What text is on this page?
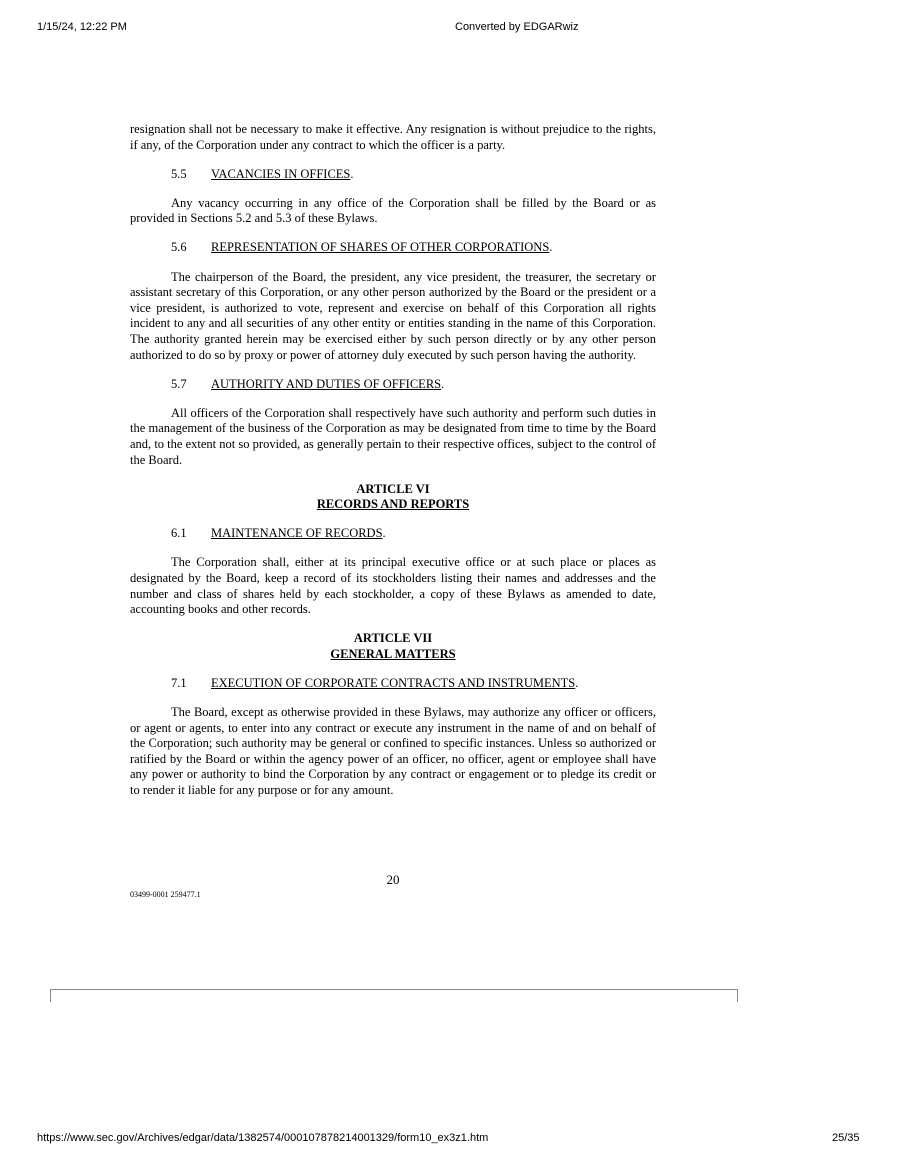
1/15/24, 12:22 PM	Converted by EDGARwiz

resignation shall not be necessary to make it effective. Any resignation is without prejudice to the rights, if any, of the Corporation under any contract to which the officer is a party.

5.5 VACANCIES IN OFFICES.

Any vacancy occurring in any office of the Corporation shall be filled by the Board or as provided in Sections 5.2 and 5.3 of these Bylaws.

5.6 REPRESENTATION OF SHARES OF OTHER CORPORATIONS.

The chairperson of the Board, the president, any vice president, the treasurer, the secretary or assistant secretary of this Corporation, or any other person authorized by the Board or the president or a vice president, is authorized to vote, represent and exercise on behalf of this Corporation all rights incident to any and all securities of any other entity or entities standing in the name of this Corporation. The authority granted herein may be exercised either by such person directly or by any other person authorized to do so by proxy or power of attorney duly executed by such person having the authority.

5.7 AUTHORITY AND DUTIES OF OFFICERS.

All officers of the Corporation shall respectively have such authority and perform such duties in the management of the business of the Corporation as may be designated from time to time by the Board and, to the extent not so provided, as generally pertain to their respective offices, subject to the control of the Board.

ARTICLE VI
RECORDS AND REPORTS

6.1 MAINTENANCE OF RECORDS.

The Corporation shall, either at its principal executive office or at such place or places as designated by the Board, keep a record of its stockholders listing their names and addresses and the number and class of shares held by each stockholder, a copy of these Bylaws as amended to date, accounting books and other records.

ARTICLE VII
GENERAL MATTERS

7.1 EXECUTION OF CORPORATE CONTRACTS AND INSTRUMENTS.

The Board, except as otherwise provided in these Bylaws, may authorize any officer or officers, or agent or agents, to enter into any contract or execute any instrument in the name of and on behalf of the Corporation; such authority may be general or confined to specific instances. Unless so authorized or ratified by the Board or within the agency power of an officer, no officer, agent or employee shall have any power or authority to bind the Corporation by any contract or engagement or to pledge its credit or to render it liable for any purpose or for any amount.

20
03499-0001 259477.1
https://www.sec.gov/Archives/edgar/data/1382574/000107878214001329/form10_ex3z1.htm	25/35
